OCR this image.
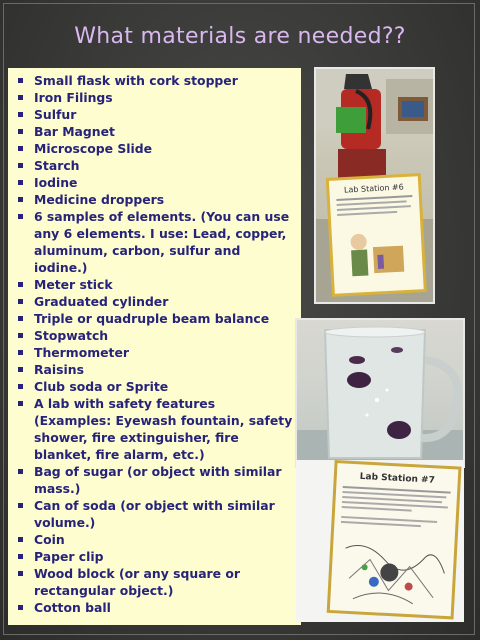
What materials are needed??
Small flask with cork stopper
Iron Filings
Sulfur
Bar Magnet
Microscope Slide
Starch
Iodine
Medicine droppers
6 samples of elements. (You can use any 6 elements. I use: Lead, copper, aluminum, carbon, sulfur and iodine.)
Meter stick
Graduated cylinder
Triple or quadruple beam balance
Stopwatch
Thermometer
Raisins
Club soda or Sprite
A lab with safety features (Examples: Eyewash fountain, safety shower, fire extinguisher, fire blanket, fire alarm, etc.)
Bag of sugar (or object with similar mass.)
Can of soda (or object with similar volume.)
Coin
Paper clip
Wood block (or any square or rectangular object.)
Cotton ball
Lab Station #6
Lab Station #7
